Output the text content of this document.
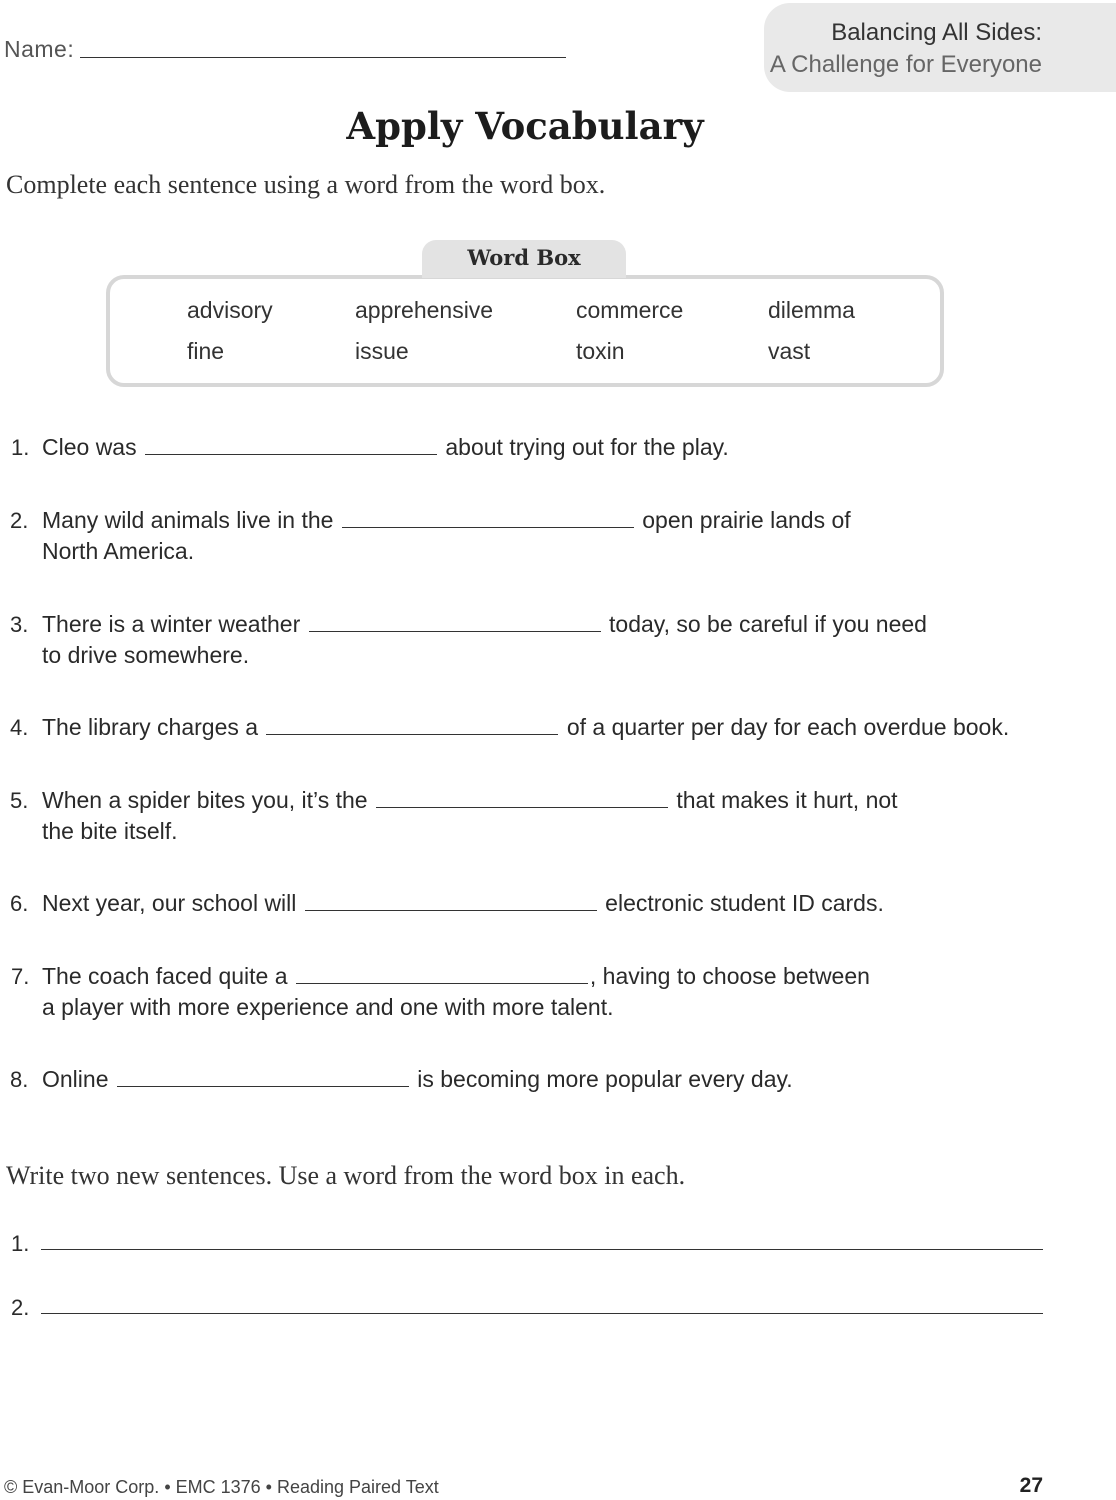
Name:
Balancing All Sides:
A Challenge for Everyone
Apply Vocabulary
Complete each sentence using a word from the word box.
Word Box
advisory	apprehensive	commerce	dilemma
fine	issue	toxin	vast
1. Cleo was	about trying out for the play.
2. Many wild animals live in the	open prairie lands of
North America.
3. There is a winter weather	today, so be careful if you need
to drive somewhere.
4. The library charges a	of a quarter per day for each overdue book.
5. When a spider bites you, it’s the	that makes it hurt, not
the bite itself.
6. Next year, our school will	electronic student ID cards.
7. The coach faced quite a	, having to choose between
a player with more experience and one with more talent.
8. Online	is becoming more popular every day.
Write two new sentences. Use a word from the word box in each.
1.
2.
© Evan-Moor Corp. • EMC 1376 • Reading Paired Text	27
